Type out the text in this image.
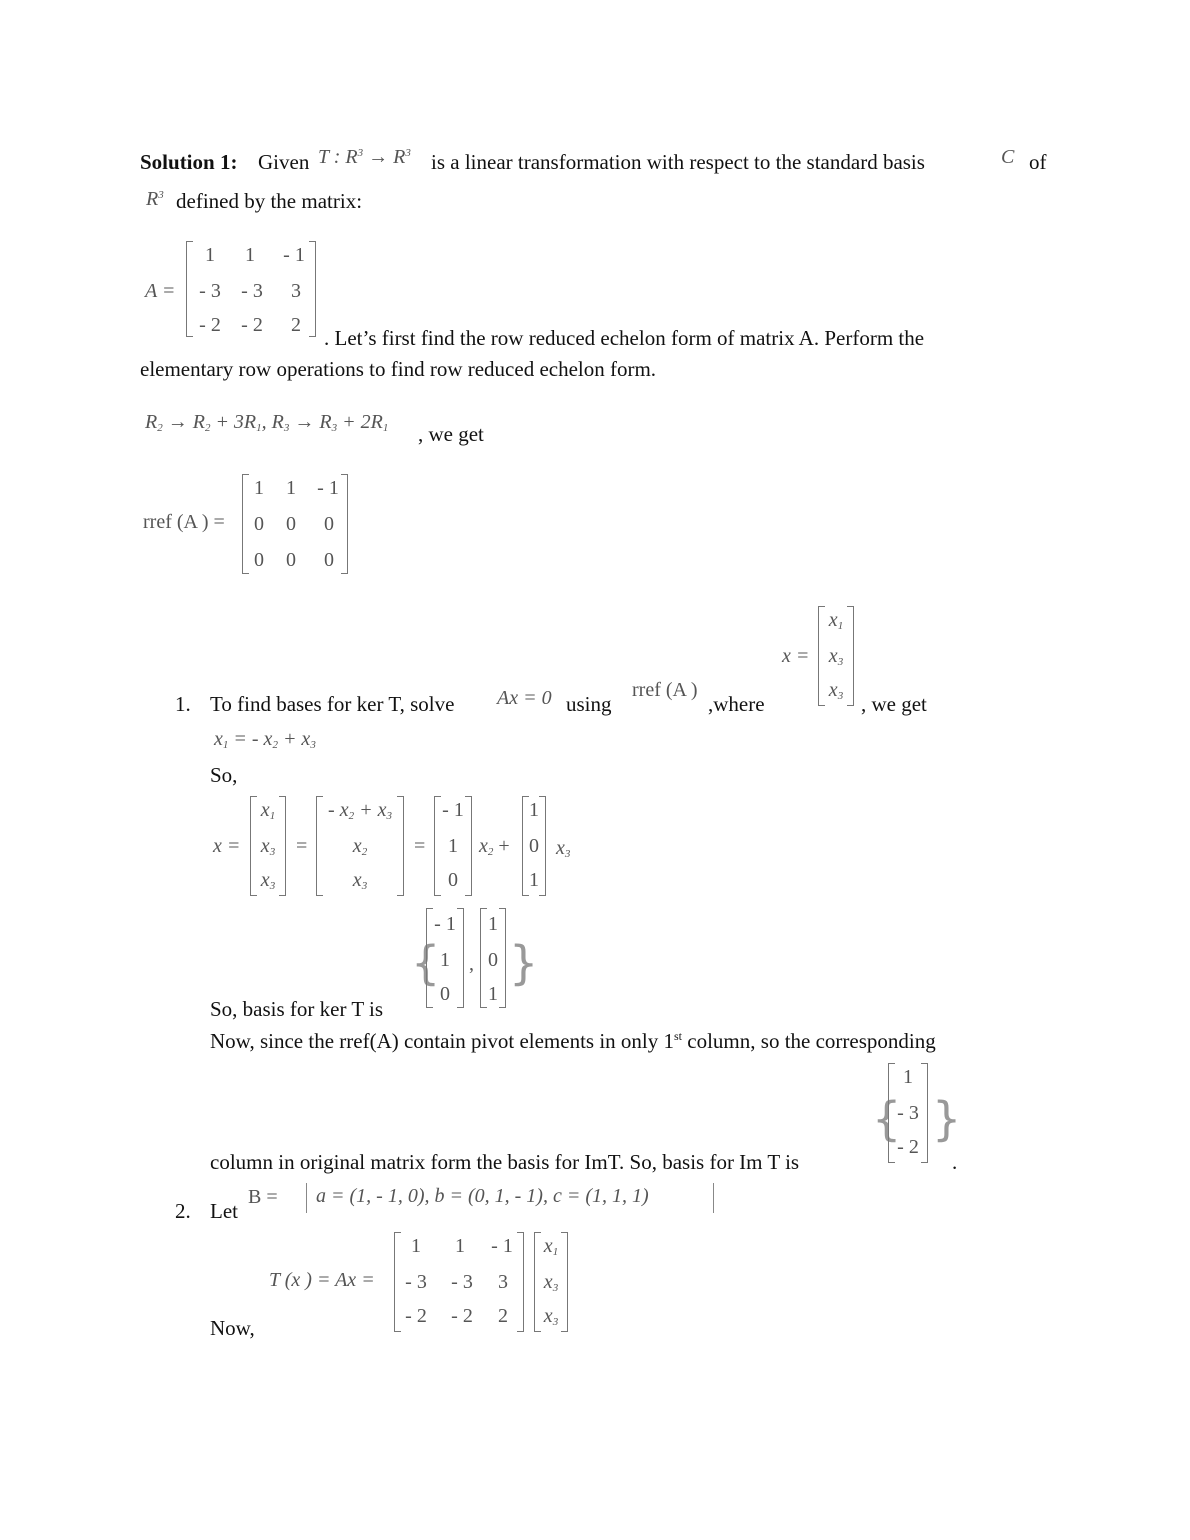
Solution 1: Given T : $R^3 \to R^3$ is a linear transformation with respect to the standard basis	C of
$R^3$ defined by the matrix:
A =
1	1	- 1
- 3	- 3	3
- 2	- 2	2
. Let’s first find the row reduced echelon form of matrix A. Perform the
elementary row operations to find row reduced echelon form.
$R_2 \to R_2 + 3R_1$, $R_3 \to R_3 + 2R_1$ , we get
rref (A ) =
1	1	- 1
0	0	0
0	0	0
x =
$x_1$
$x_3$
$x_3$
1. To find bases for ker T, solve Ax = 0 using
rref (A )
,where	, we get
$x_1$ = - $x_2 + x_3$
So,
x =
$x_1$
$x_3$
$x_3$
=
- $x_2 + x_3$
$x_2$
$x_3$
=
- 1
1
0
$x_2$ +
1
0
1
$x_3$
So, basis for ker T is
{
- 1
1
0
,
1
0
1
}
Now, since the rref(A) contain pivot elements in only 1st column, so the corresponding
{
1
- 3
- 2
}
column in original matrix form the basis for ImT. So, basis for Im T is	.
2. Let
B = a = (1, - 1, 0), b = (0, 1, - 1), c = (1, 1, 1)
T (x ) = Ax =
1	1	- 1
- 3	- 3	3
- 2	- 2	2
$x_1$
$x_3$
$x_3$
Now,
